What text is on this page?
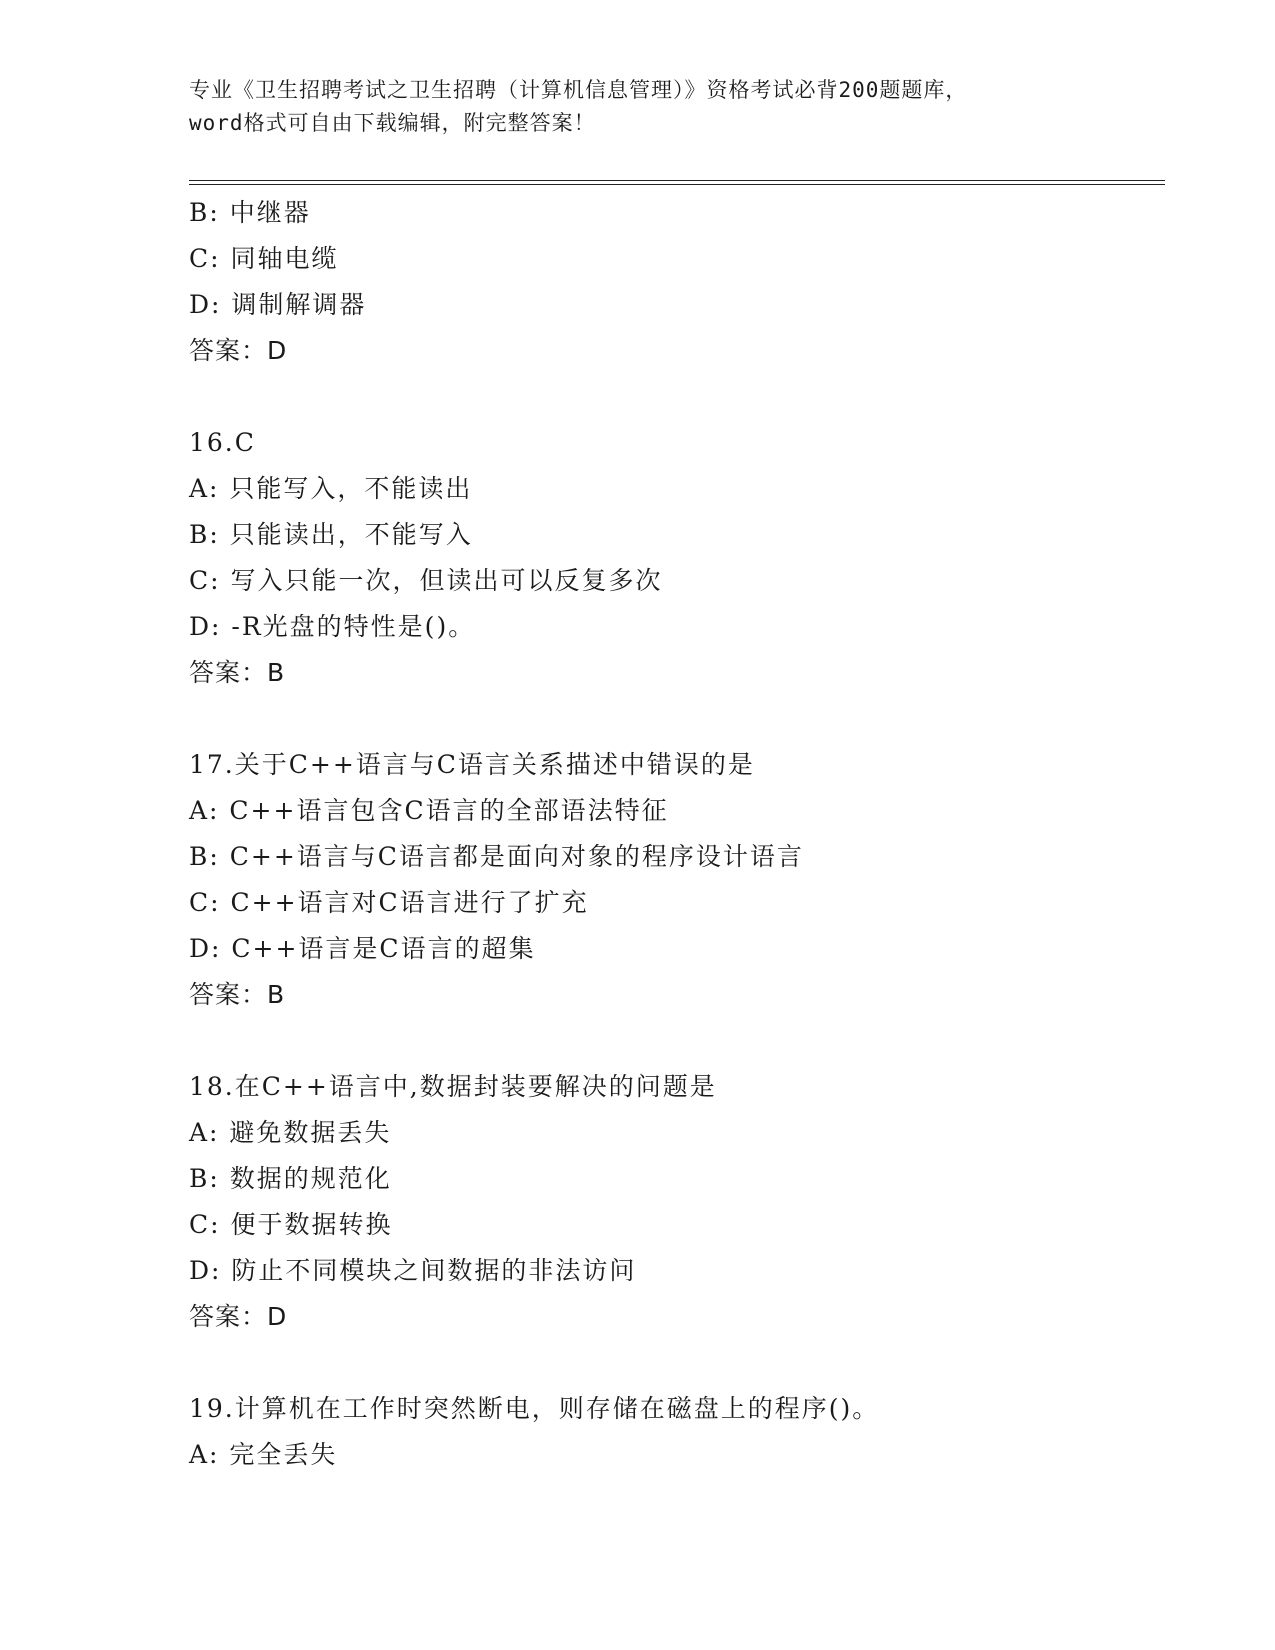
专业《卫生招聘考试之卫生招聘（计算机信息管理）》资格考试必背200题题库，
word格式可自由下载编辑，附完整答案！
B: 中继器
C: 同轴电缆
D: 调制解调器
答案：D
16.C
A: 只能写入，不能读出
B: 只能读出，不能写入
C: 写入只能一次，但读出可以反复多次
D: -R光盘的特性是()。
答案：B
17.关于C++语言与C语言关系描述中错误的是
A: C++语言包含C语言的全部语法特征
B: C++语言与C语言都是面向对象的程序设计语言
C: C++语言对C语言进行了扩充
D: C++语言是C语言的超集
答案：B
18.在C++语言中,数据封装要解决的问题是
A: 避免数据丢失
B: 数据的规范化
C: 便于数据转换
D: 防止不同模块之间数据的非法访问
答案：D
19.计算机在工作时突然断电，则存储在磁盘上的程序()。
A: 完全丢失
